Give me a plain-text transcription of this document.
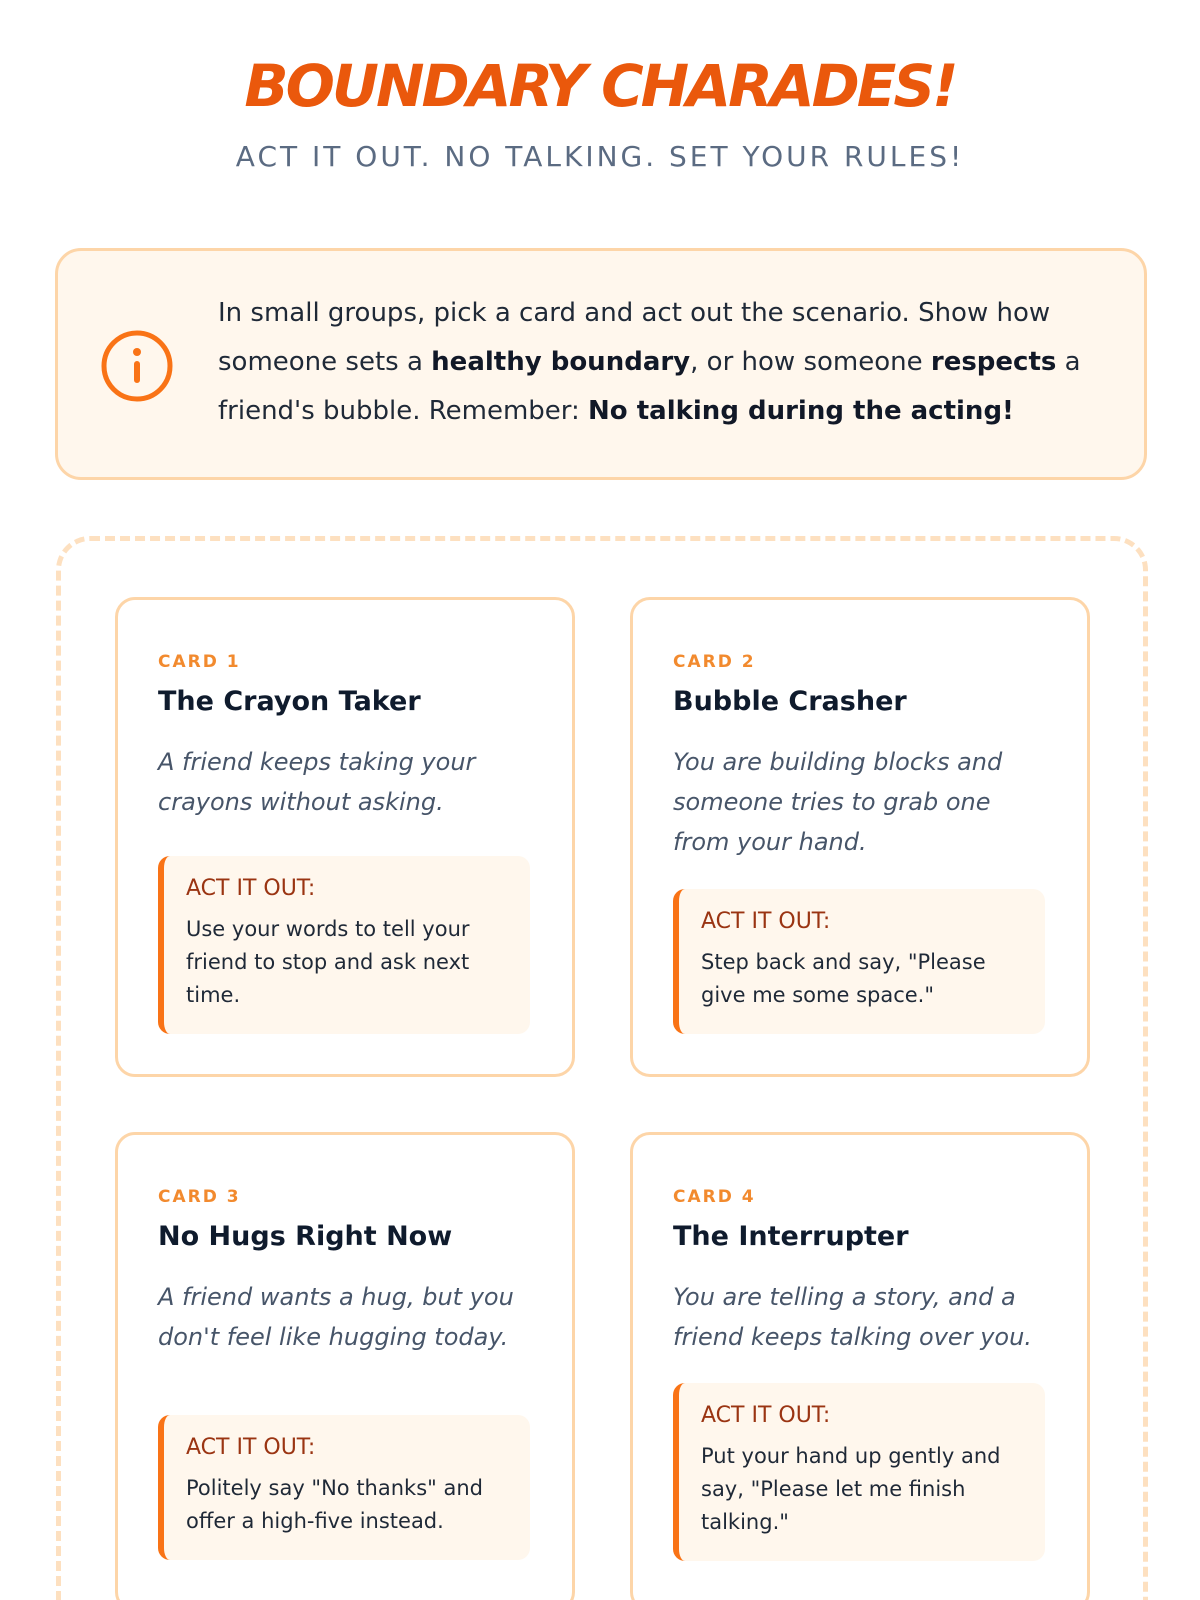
BOUNDARY CHARADES!
ACT IT OUT. NO TALKING. SET YOUR RULES!

In small groups, pick a card and act out the scenario. Show how someone sets a healthy boundary, or how someone respects a friend's bubble. Remember: No talking during the acting!

CARD 1
The Crayon Taker

A friend keeps taking your crayons without asking.

ACT IT OUT:
Use your words to tell your friend to stop and ask next time.
CARD 2
Bubble Crasher

You are building blocks and someone tries to grab one from your hand.

ACT IT OUT:
Step back and say, "Please give me some space."
CARD 3
No Hugs Right Now

A friend wants a hug, but you don't feel like hugging today.

ACT IT OUT:
Politely say "No thanks" and offer a high-five instead.
CARD 4
The Interrupter

You are telling a story, and a friend keeps talking over you.

ACT IT OUT:
Put your hand up gently and say, "Please let me finish talking."
